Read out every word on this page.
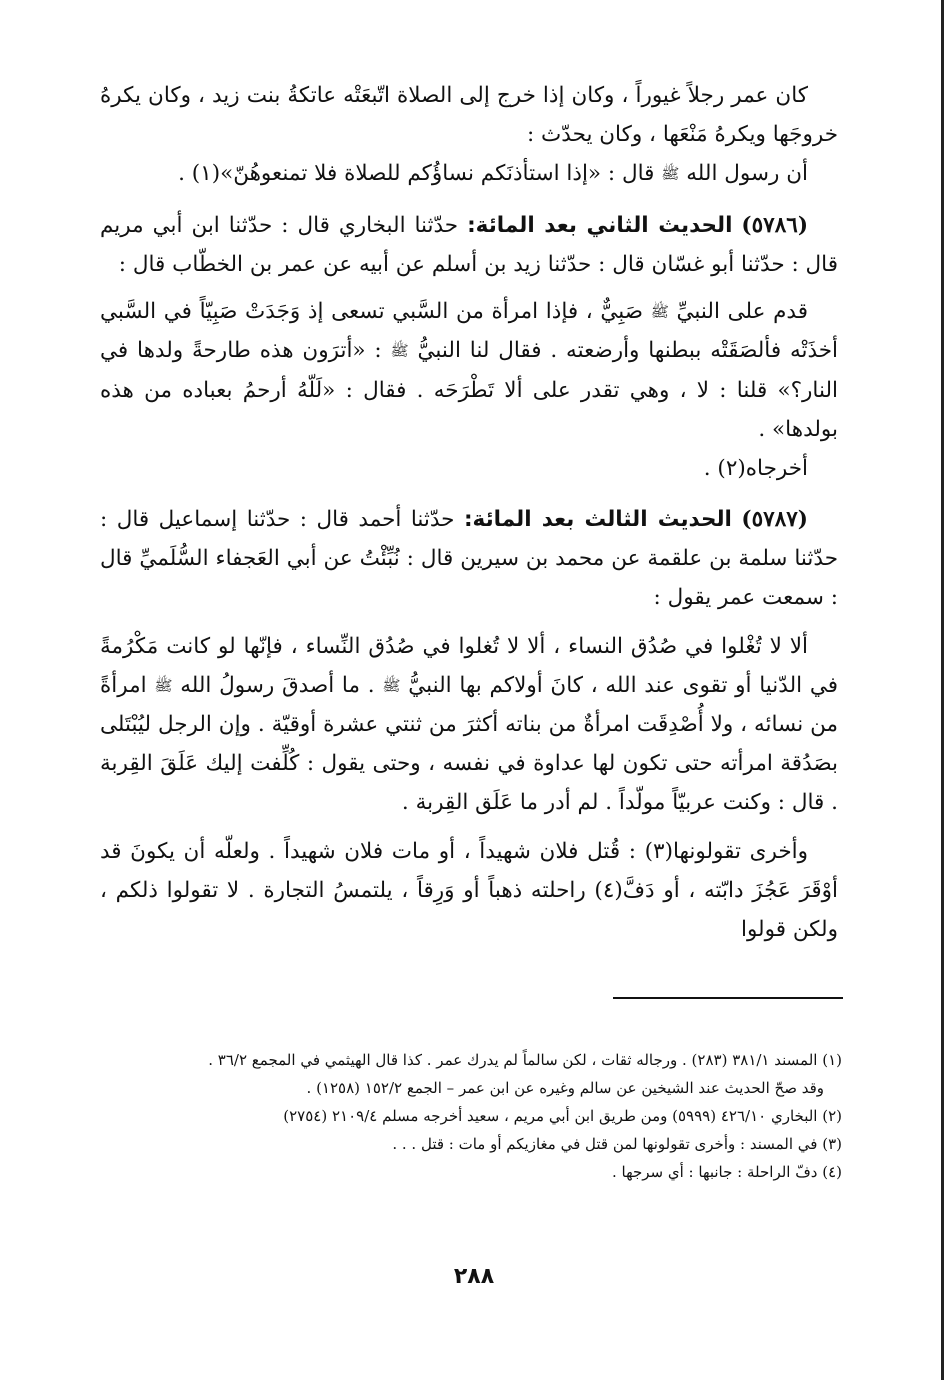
كان عمر رجلاً غيوراً ، وكان إذا خرج إلى الصلاة اتّبعَتْه عاتكةُ بنت زيد ، وكان يكرهُ خروجَها ويكرهُ مَنْعَها ، وكان يحدّث :

أن رسول الله ﷺ قال : «إذا استأذنَكم نساؤُكم للصلاة فلا تمنعوهُنّ»(١) .

(٥٧٨٦) الحديث الثاني بعد المائة: حدّثنا البخاري قال : حدّثنا ابن أبي مريم قال : حدّثنا أبو غسّان قال : حدّثنا زيد بن أسلم عن أبيه عن عمر بن الخطّاب قال :

قدم على النبيِّ ﷺ صَبِيٌّ ، فإذا امرأة من السَّبي تسعى إذ وَجَدَتْ صَبِيّاً في السَّبي أخذَتْه فألصَقَتْه ببطنها وأرضعته . فقال لنا النبيُّ ﷺ : «أترَون هذه طارحةً ولدها في النار؟» قلنا : لا ، وهي تقدر على ألا تَطْرَحَه . فقال : «لَلّهُ أرحمُ بعباده من هذه بولدها» .

أخرجاه(٢) .

(٥٧٨٧) الحديث الثالث بعد المائة: حدّثنا أحمد قال : حدّثنا إسماعيل قال : حدّثنا سلمة بن علقمة عن محمد بن سيرين قال : نُبِّئْتُ عن أبي العَجفاء السُّلَميِّ قال : سمعت عمر يقول :

ألا لا تُغْلوا في صُدُق النساء ، ألا لا تُغلوا في صُدُق النِّساء ، فإنّها لو كانت مَكْرُمةً في الدّنيا أو تقوى عند الله ، كانَ أولاكم بها النبيُّ ﷺ . ما أصدقَ رسولُ الله ﷺ امرأةً من نسائه ، ولا أُصْدِقَت امرأةٌ من بناته أكثرَ من ثنتي عشرة أوقيّة . وإن الرجل ليُبْتَلى بصَدُقة امرأته حتى تكون لها عداوة في نفسه ، وحتى يقول : كُلِّفت إليك عَلَقَ القِربة . قال : وكنت عربيّاً مولّداً . لم أدر ما عَلَق القِربة .

وأخرى تقولونها(٣) : قُتل فلان شهيداً ، أو مات فلان شهيداً . ولعلّه أن يكونَ قد أوْقَرَ عَجُزَ دابّته ، أو دَفَّ(٤) راحلته ذهباً أو وَرِقاً ، يلتمسُ التجارة . لا تقولوا ذلكم ، ولكن قولوا

(١) المسند ٣٨١/١ (٢٨٣) . ورجاله ثقات ، لكن سالماً لم يدرك عمر . كذا قال الهيثمي في المجمع ٣٦/٢ .

وقد صحّ الحديث عند الشيخين عن سالم وغيره عن ابن عمر – الجمع ١٥٢/٢ (١٢٥٨) .

(٢) البخاري ٤٢٦/١٠ (٥٩٩٩) ومن طريق ابن أبي مريم ، سعيد أخرجه مسلم ٢١٠٩/٤ (٢٧٥٤)

(٣) في المسند : وأخرى تقولونها لمن قتل في مغازيكم أو مات : قتل . . .

(٤) دفّ الراحلة : جانبها : أي سرجها .

٢٨٨
